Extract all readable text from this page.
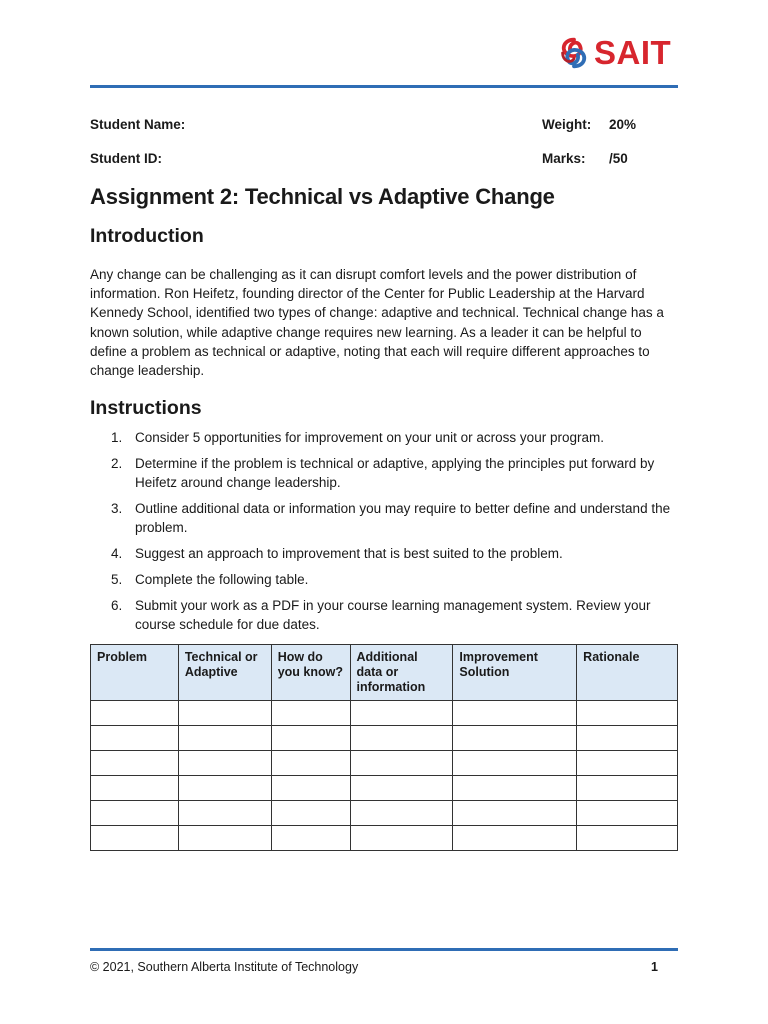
SAIT
Student Name:	Weight: 20%
Student ID:	Marks: /50
Assignment 2: Technical vs Adaptive Change
Introduction

Any change can be challenging as it can disrupt comfort levels and the power distribution of information. Ron Heifetz, founding director of the Center for Public Leadership at the Harvard Kennedy School, identified two types of change: adaptive and technical. Technical change has a known solution, while adaptive change requires new learning. As a leader it can be helpful to define a problem as technical or adaptive, noting that each will require different approaches to change leadership.

Instructions
1. Consider 5 opportunities for improvement on your unit or across your program.
2. Determine if the problem is technical or adaptive, applying the principles put forward by Heifetz around change leadership.
3. Outline additional data or information you may require to better define and understand the problem.
4. Suggest an approach to improvement that is best suited to the problem.
5. Complete the following table.
6. Submit your work as a PDF in your course learning management system. Review your course schedule for due dates.
Problem	Technical or Adaptive	How do you know?	Additional data or information	Improvement Solution	Rationale

© 2021, Southern Alberta Institute of Technology	1
